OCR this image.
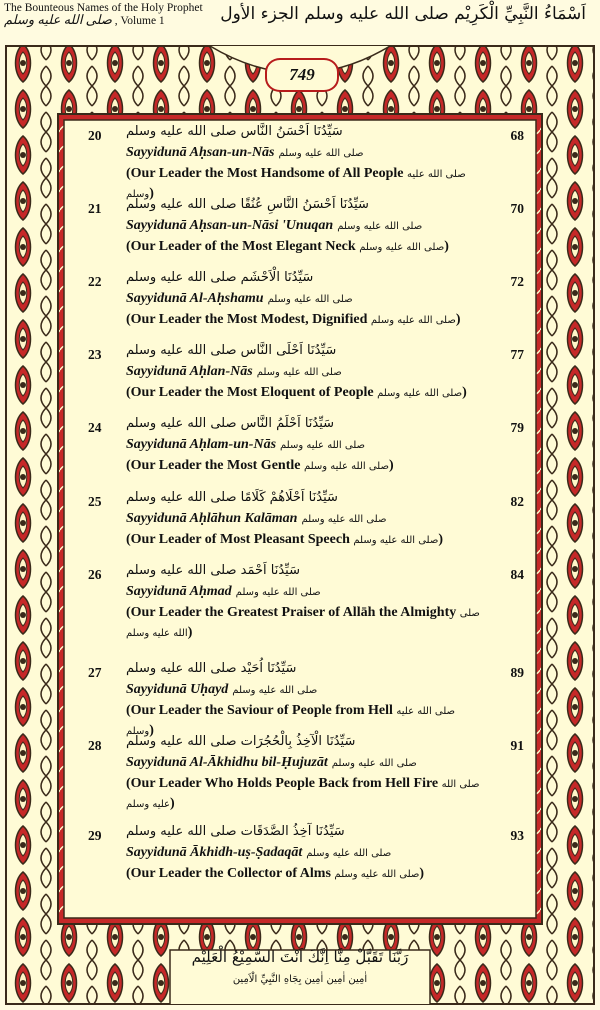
The Bounteous Names of the Holy Prophet
صلى الله عليه وسلم , Volume 1	اَسْمَاءُ النَّبِيِّ الْكَرِيْم صلى الله عليه وسلم الجزء الأول
749
20 سَيِّدُنَا اَحْسَنُ النَّاس صلى الله عليه وسلم	68
Sayyidunā Aḥsan-un-Nās صلى الله عليه وسلم
(Our Leader the Most Handsome of All People صلى الله عليه وسلم)
21 سَيِّدُنَا اَحْسَنُ النَّاسِ عُنُقًا صلى الله عليه وسلم	70
Sayyidunā Aḥsan-un-Nāsi 'Unuqan صلى الله عليه وسلم
(Our Leader of the Most Elegant Neck صلى الله عليه وسلم)
22 سَيِّدُنَا الْاَحْشَم صلى الله عليه وسلم	72
Sayyidunā Al-Aḥshamu صلى الله عليه وسلم
(Our Leader the Most Modest, Dignified صلى الله عليه وسلم)
23 سَيِّدُنَا اَحْلَى النَّاس صلى الله عليه وسلم	77
Sayyidunā Aḥlan-Nās صلى الله عليه وسلم
(Our Leader the Most Eloquent of People صلى الله عليه وسلم)
24 سَيِّدُنَا اَحْلَمُ النَّاس صلى الله عليه وسلم	79
Sayyidunā Aḥlam-un-Nās صلى الله عليه وسلم
(Our Leader the Most Gentle صلى الله عليه وسلم)
25 سَيِّدُنَا اَحْلَاهُمْ كَلَامًا صلى الله عليه وسلم	82
Sayyidunā Aḥlāhun Kalāman صلى الله عليه وسلم
(Our Leader of Most Pleasant Speech صلى الله عليه وسلم)
26 سَيِّدُنَا اَحْمَد صلى الله عليه وسلم	84
Sayyidunā Aḥmad صلى الله عليه وسلم
(Our Leader the Greatest Praiser of Allāh the Almighty صلى الله عليه وسلم)
27 سَيِّدُنَا اُحَيْد صلى الله عليه وسلم	89
Sayyidunā Uḥayd صلى الله عليه وسلم
(Our Leader the Saviour of People from Hell صلى الله عليه وسلم)
28 سَيِّدُنَا الْآخِذُ بِالْحُجُرَات صلى الله عليه وسلم	91
Sayyidunā Al-Ākhidhu bil-Ḥujuzāt صلى الله عليه وسلم
(Our Leader Who Holds People Back from Hell Fire صلى الله عليه وسلم)
29 سَيِّدُنَا آخِذُ الصَّدَقَات صلى الله عليه وسلم	93
Sayyidunā Ākhidh-uṣ-Ṣadaqāt صلى الله عليه وسلم
(Our Leader the Collector of Alms صلى الله عليه وسلم)
رَبَّنَا تَقَبَّلْ مِنَّا اِنَّكَ اَنْتَ السَّمِيْعُ الْعَلِيْم
اٰمِين اٰمِين اٰمِين بِجَاهِ النَّبِيِّ الْاَمِين
